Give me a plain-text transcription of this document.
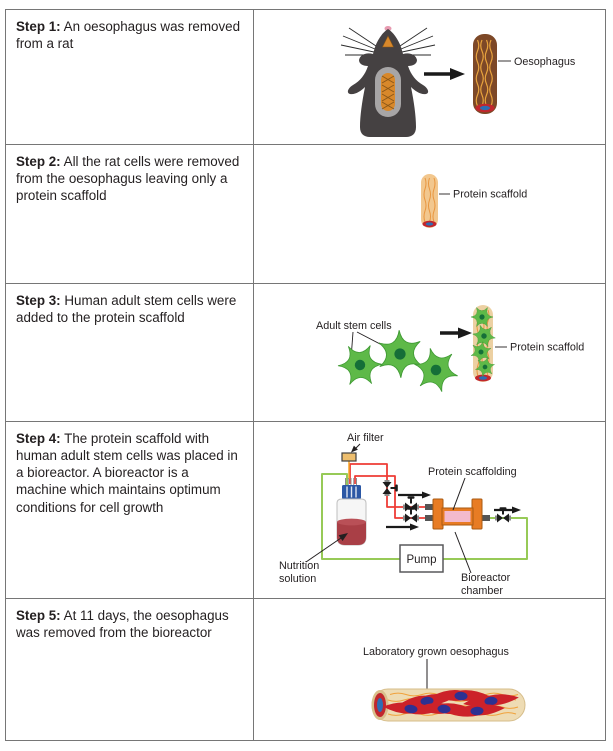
Step 1: An oesophagus was removed from a rat
Oesophagus
Step 2: All the rat cells were removed from the oesophagus leaving only a protein scaffold	Protein scaffold
Step 3: Human adult stem cells were added to the protein scaffold
Adult stem cells
Protein scaffold
Step 4: The protein scaffold with human adult stem cells was placed in a bioreactor. A bioreactor is a machine which maintains optimum conditions for cell growth
Air filter
Pump
Protein scaffolding
Bioreactor
chamber
Nutrition
solution
Step 5: At 11 days, the oesophagus was removed from the bioreactor
Laboratory grown oesophagus
